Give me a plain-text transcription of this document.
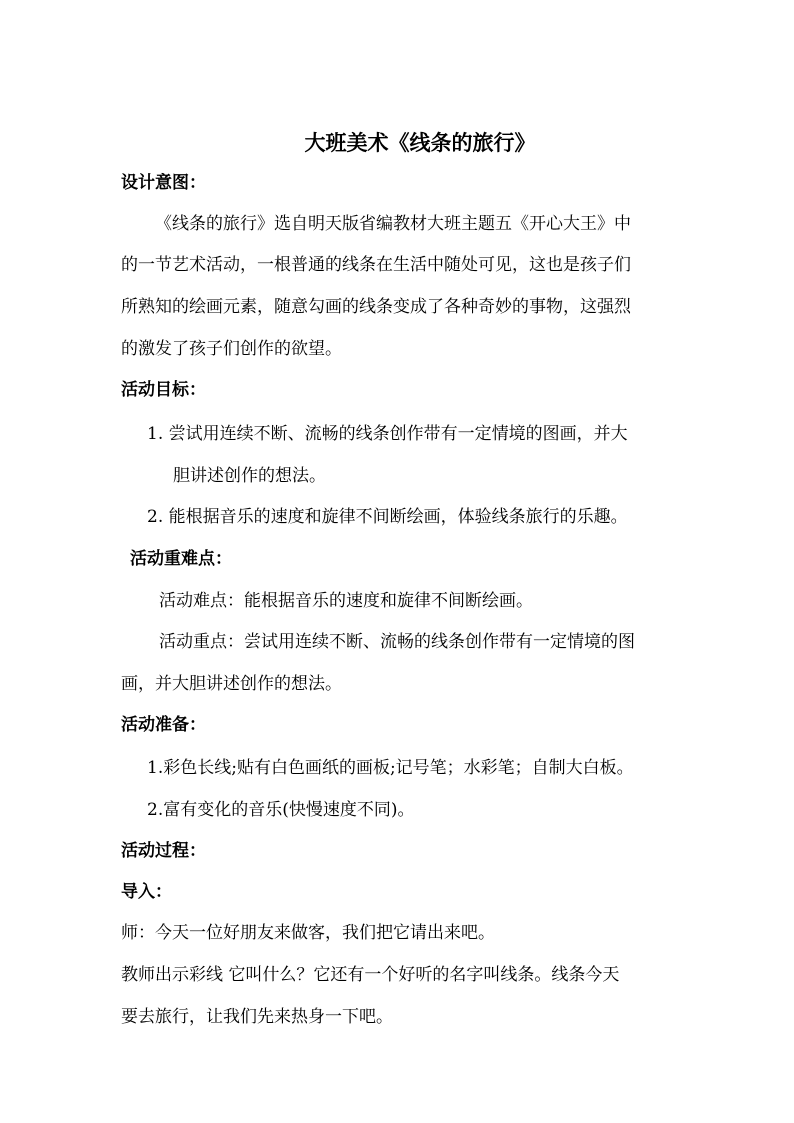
大班美术《线条的旅行》
设计意图：
《线条的旅行》选自明天版省编教材大班主题五《开心大王》中
的一节艺术活动，一根普通的线条在生活中随处可见，这也是孩子们
所熟知的绘画元素，随意勾画的线条变成了各种奇妙的事物，这强烈
的激发了孩子们创作的欲望。
活动目标：
1. 尝试用连续不断、流畅的线条创作带有一定情境的图画，并大
胆讲述创作的想法。
2. 能根据音乐的速度和旋律不间断绘画，体验线条旅行的乐趣。
活动重难点：
活动难点：能根据音乐的速度和旋律不间断绘画。
活动重点：尝试用连续不断、流畅的线条创作带有一定情境的图
画，并大胆讲述创作的想法。
活动准备：
1.彩色长线;贴有白色画纸的画板;记号笔；水彩笔；自制大白板。
2.富有变化的音乐(快慢速度不同)。
活动过程：
导入：
师：今天一位好朋友来做客，我们把它请出来吧。
教师出示彩线 它叫什么？它还有一个好听的名字叫线条。线条今天
要去旅行，让我们先来热身一下吧。
